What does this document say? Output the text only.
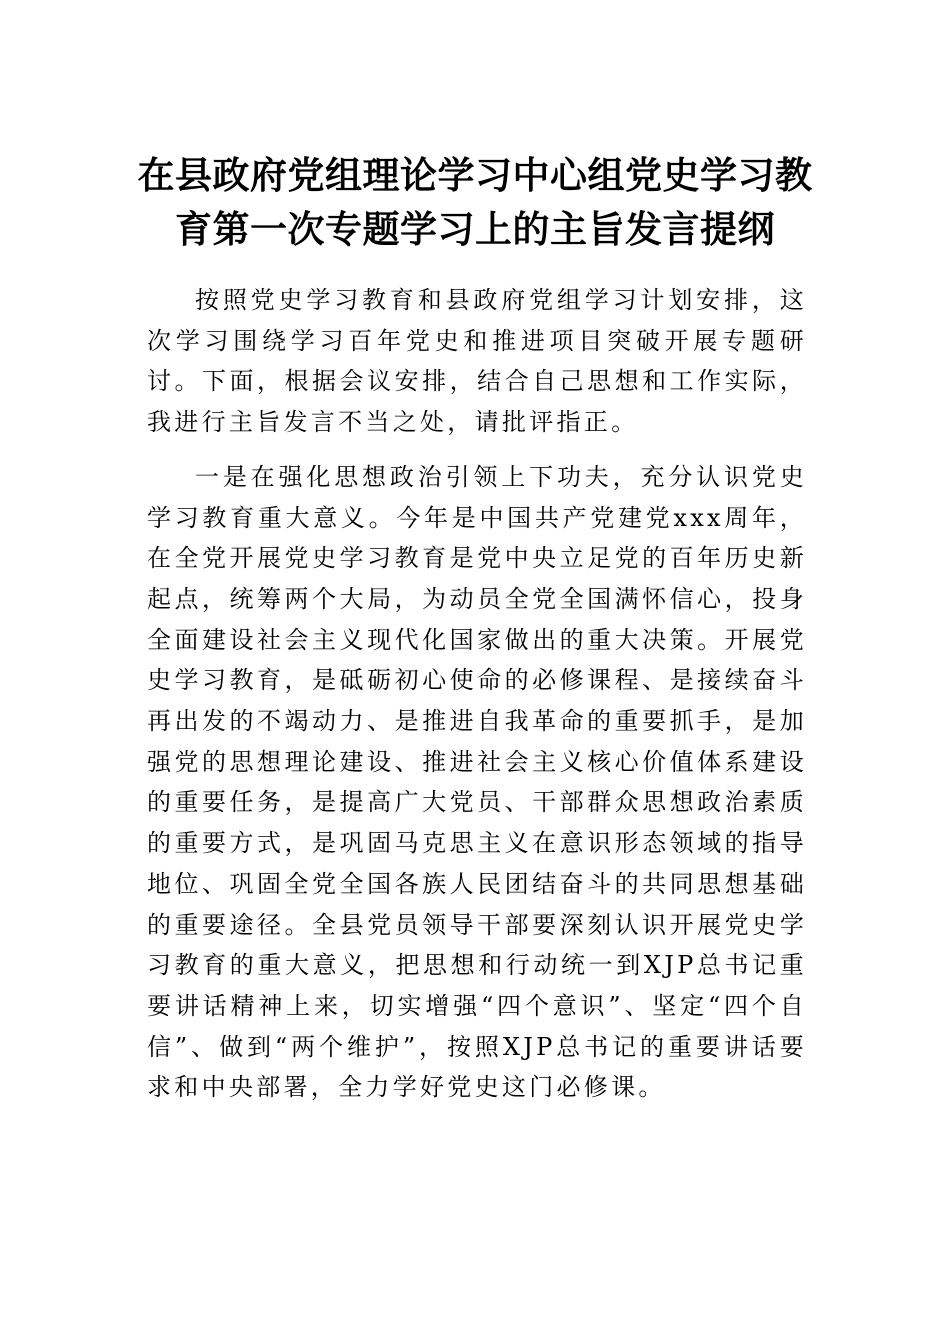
在县政府党组理论学习中心组党史学习教育第一次专题学习上的主旨发言提纲

按照党史学习教育和县政府党组学习计划安排，这次学习围绕学习百年党史和推进项目突破开展专题研讨。下面，根据会议安排，结合自己思想和工作实际，我进行主旨发言不当之处，请批评指正。

一是在强化思想政治引领上下功夫，充分认识党史学习教育重大意义。今年是中国共产党建党xxx周年，在全党开展党史学习教育是党中央立足党的百年历史新起点，统筹两个大局，为动员全党全国满怀信心，投身全面建设社会主义现代化国家做出的重大决策。开展党史学习教育，是砥砺初心使命的必修课程、是接续奋斗再出发的不竭动力、是推进自我革命的重要抓手，是加强党的思想理论建设、推进社会主义核心价值体系建设的重要任务，是提高广大党员、干部群众思想政治素质的重要方式，是巩固马克思主义在意识形态领域的指导地位、巩固全党全国各族人民团结奋斗的共同思想基础的重要途径。全县党员领导干部要深刻认识开展党史学习教育的重大意义，把思想和行动统一到XJP总书记重要讲话精神上来，切实增强“四个意识”、坚定“四个自信”、做到“两个维护”，按照XJP总书记的重要讲话要求和中央部署，全力学好党史这门必修课。
